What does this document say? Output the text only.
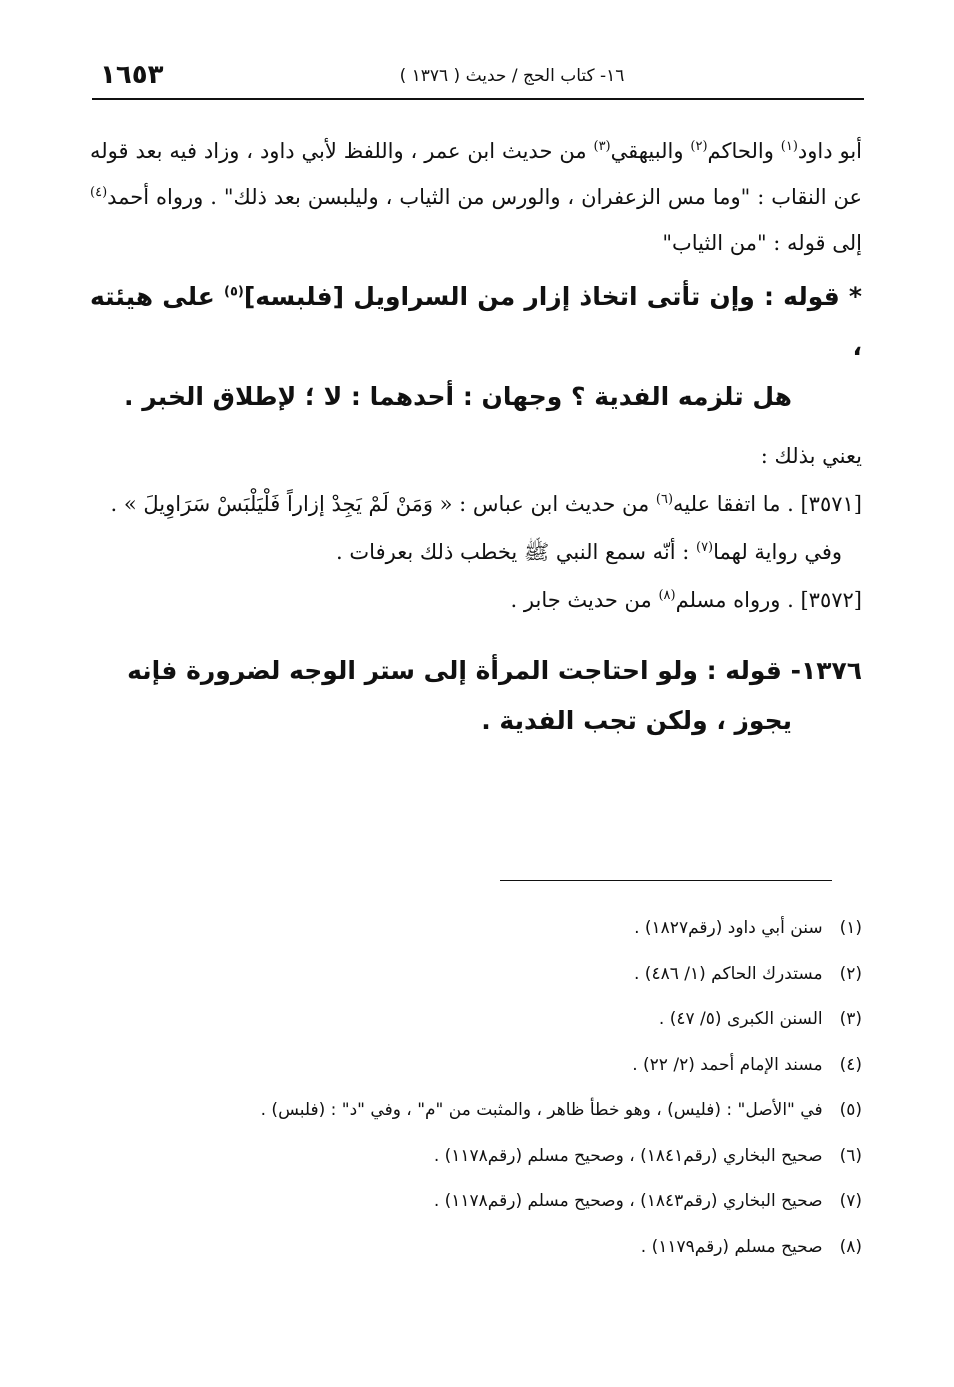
١٦٥٣	١٦- كتاب الحج / حديث ( ١٣٧٦ )

أبو داود$^{(١)}$ والحاكم$^{(٢)}$ والبيهقي$^{(٣)}$ من حديث ابن عمر ، واللفظ لأبي داود ، وزاد فيه بعد قوله عن النقاب : "وما مس الزعفران ، والورس من الثياب ، وليلبسن بعد ذلك" . ورواه أحمد$^{(٤)}$ إلى قوله : "من الثياب"

* قوله : وإن تأتى اتخاذ إزار من السراويل [فلبسه]$^{(٥)}$ على هيئته ،
هل تلزمه الفدية ؟ وجهان : أحدهما : لا ؛ لإطلاق الخبر .

يعني بذلك :

[٣٥٧١] . ما اتفقا عليه$^{(٦)}$ من حديث ابن عباس : « وَمَنْ لَمْ يَجِدْ إزاراً فَلْيَلْبَسْ سَرَاوِيلَ » .

وفي رواية لهما$^{(٧)}$ : أنّه سمع النبي ﷺ يخطب ذلك بعرفات .

[٣٥٧٢] . ورواه مسلم$^{(٨)}$ من حديث جابر .

١٣٧٦- قوله : ولو احتاجت المرأة إلى ستر الوجه لضرورة فإنه
يجوز ، ولكن تجب الفدية .
(١) سنن أبي داود (رقم١٨٢٧) .
(٢) مستدرك الحاكم (١/ ٤٨٦) .
(٣) السنن الكبرى (٥/ ٤٧) .
(٤) مسند الإمام أحمد (٢/ ٢٢) .
(٥) في "الأصل" : (فليس) ، وهو خطأ ظاهر ، والمثبت من "م" ، وفي "د" : (فلبس) .
(٦) صحيح البخاري (رقم١٨٤١) ، وصحيح مسلم (رقم١١٧٨) .
(٧) صحيح البخاري (رقم١٨٤٣) ، وصحيح مسلم (رقم١١٧٨) .
(٨) صحيح مسلم (رقم١١٧٩) .
